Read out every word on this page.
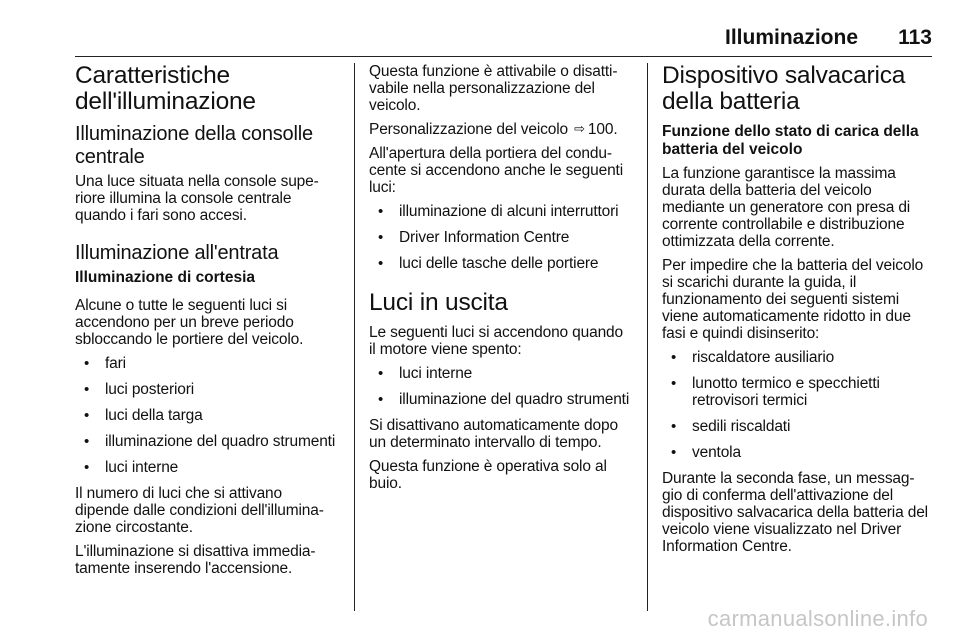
Illuminazione 113
Caratteristiche dell'illuminazione
Illuminazione della consolle centrale

Una luce situata nella console superiore illumina la console centrale quando i fari sono accesi.

Illuminazione all'entrata
Illuminazione di cortesia

Alcune o tutte le seguenti luci si accendono per un breve periodo sbloccando le portiere del veicolo.

• fari
• luci posteriori
• luci della targa
• illuminazione del quadro strumenti
• luci interne

Il numero di luci che si attivano dipende dalle condizioni dell'illuminazione circostante.

L'illuminazione si disattiva immediatamente inserendo l'accensione.

Questa funzione è attivabile o disattivabile nella personalizzazione del veicolo.

Personalizzazione del veicolo ⇨ 100.

All'apertura della portiera del conducente si accendono anche le seguenti luci:

• illuminazione di alcuni interruttori
• Driver Information Centre
• luci delle tasche delle portiere
Luci in uscita

Le seguenti luci si accendono quando il motore viene spento:

• luci interne
• illuminazione del quadro strumenti

Si disattivano automaticamente dopo un determinato intervallo di tempo.

Questa funzione è operativa solo al buio.

Dispositivo salvacarica della batteria
Funzione dello stato di carica della batteria del veicolo

La funzione garantisce la massima durata della batteria del veicolo mediante un generatore con presa di corrente controllabile e distribuzione ottimizzata della corrente.

Per impedire che la batteria del veicolo si scarichi durante la guida, il funzionamento dei seguenti sistemi viene automaticamente ridotto in due fasi e quindi disinserito:

• riscaldatore ausiliario
• lunotto termico e specchietti retrovisori termici
• sedili riscaldati
• ventola

Durante la seconda fase, un messaggio di conferma dell'attivazione del dispositivo salvacarica della batteria del veicolo viene visualizzato nel Driver Information Centre.

carmanualsonline.info
